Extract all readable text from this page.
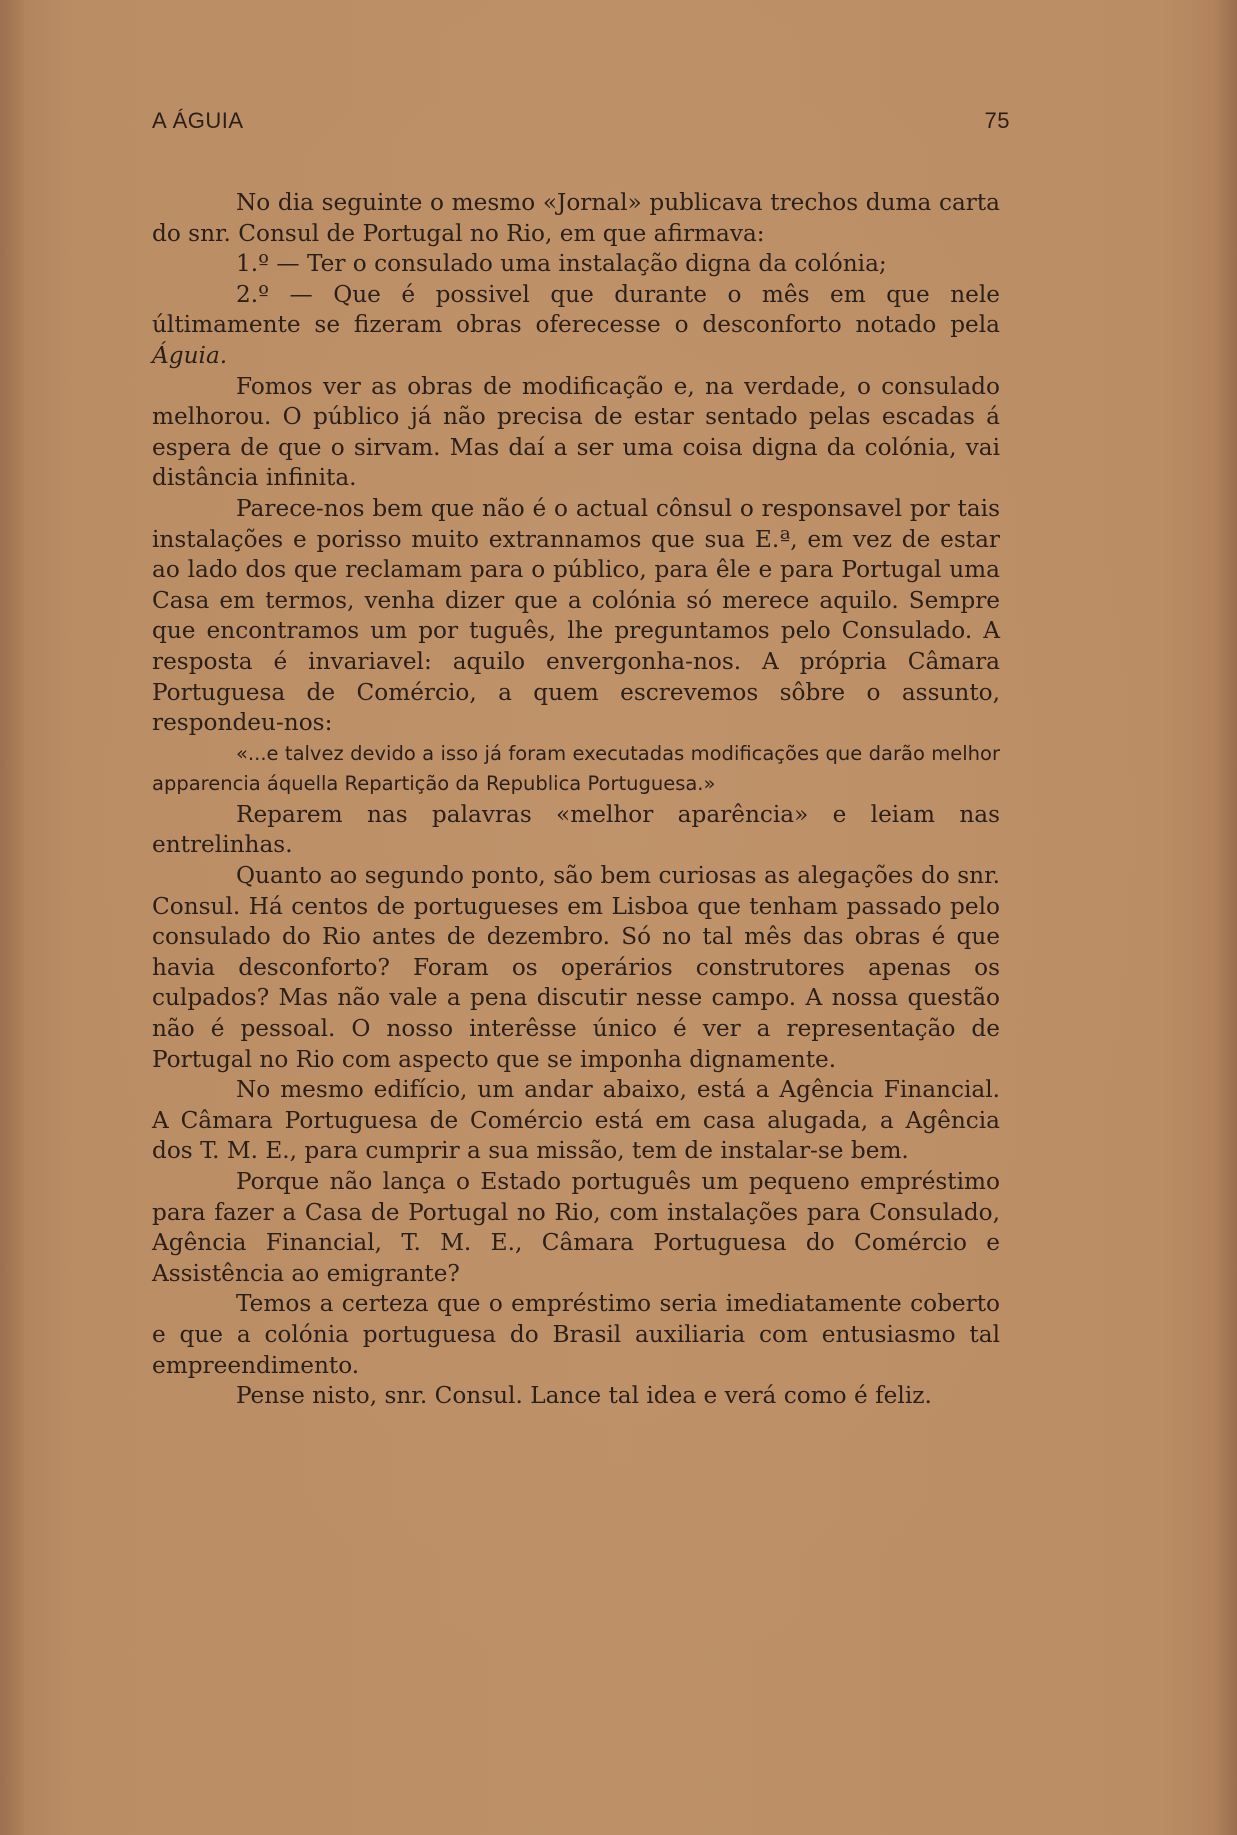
A ÁGUIA	75

No dia seguinte o mesmo «Jornal» publicava trechos duma carta do snr. Consul de Portugal no Rio, em que afirmava:

1.º — Ter o consulado uma instalação digna da colónia;

2.º — Que é possivel que durante o mês em que nele últimamente se fizeram obras oferecesse o desconforto notado pela Águia.

Fomos ver as obras de modificação e, na verdade, o consulado melhorou. O público já não precisa de estar sentado pelas escadas á espera de que o sirvam. Mas daí a ser uma coisa digna da colónia, vai distância infinita.

Parece-nos bem que não é o actual cônsul o responsavel por tais instalações e porisso muito extrannamos que sua E.ª, em vez de estar ao lado dos que reclamam para o público, para êle e para Portugal uma Casa em termos, venha dizer que a colónia só merece aquilo. Sempre que encontramos um por tuguês, lhe preguntamos pelo Consulado. A resposta é invariavel: aquilo envergonha-nos. A própria Câmara Portuguesa de Comércio, a quem escrevemos sôbre o assunto, respondeu-nos:

«...e talvez devido a isso já foram executadas modificações que darão melhor apparencia áquella Repartição da Republica Portuguesa.»

Reparem nas palavras «melhor aparência» e leiam nas entrelinhas.

Quanto ao segundo ponto, são bem curiosas as alegações do snr. Consul. Há centos de portugueses em Lisboa que tenham passado pelo consulado do Rio antes de dezembro. Só no tal mês das obras é que havia desconforto? Foram os operários construtores apenas os culpados? Mas não vale a pena discutir nesse campo. A nossa questão não é pessoal. O nosso interêsse único é ver a representação de Portugal no Rio com aspecto que se imponha dignamente.

No mesmo edifício, um andar abaixo, está a Agência Financial. A Câmara Portuguesa de Comércio está em casa alugada, a Agência dos T. M. E., para cumprir a sua missão, tem de instalar-se bem.

Porque não lança o Estado português um pequeno empréstimo para fazer a Casa de Portugal no Rio, com instalações para Consulado, Agência Financial, T. M. E., Câmara Portuguesa do Comércio e Assistência ao emigrante?

Temos a certeza que o empréstimo seria imediatamente coberto e que a colónia portuguesa do Brasil auxiliaria com entusiasmo tal empreendimento.

Pense nisto, snr. Consul. Lance tal idea e verá como é feliz.
